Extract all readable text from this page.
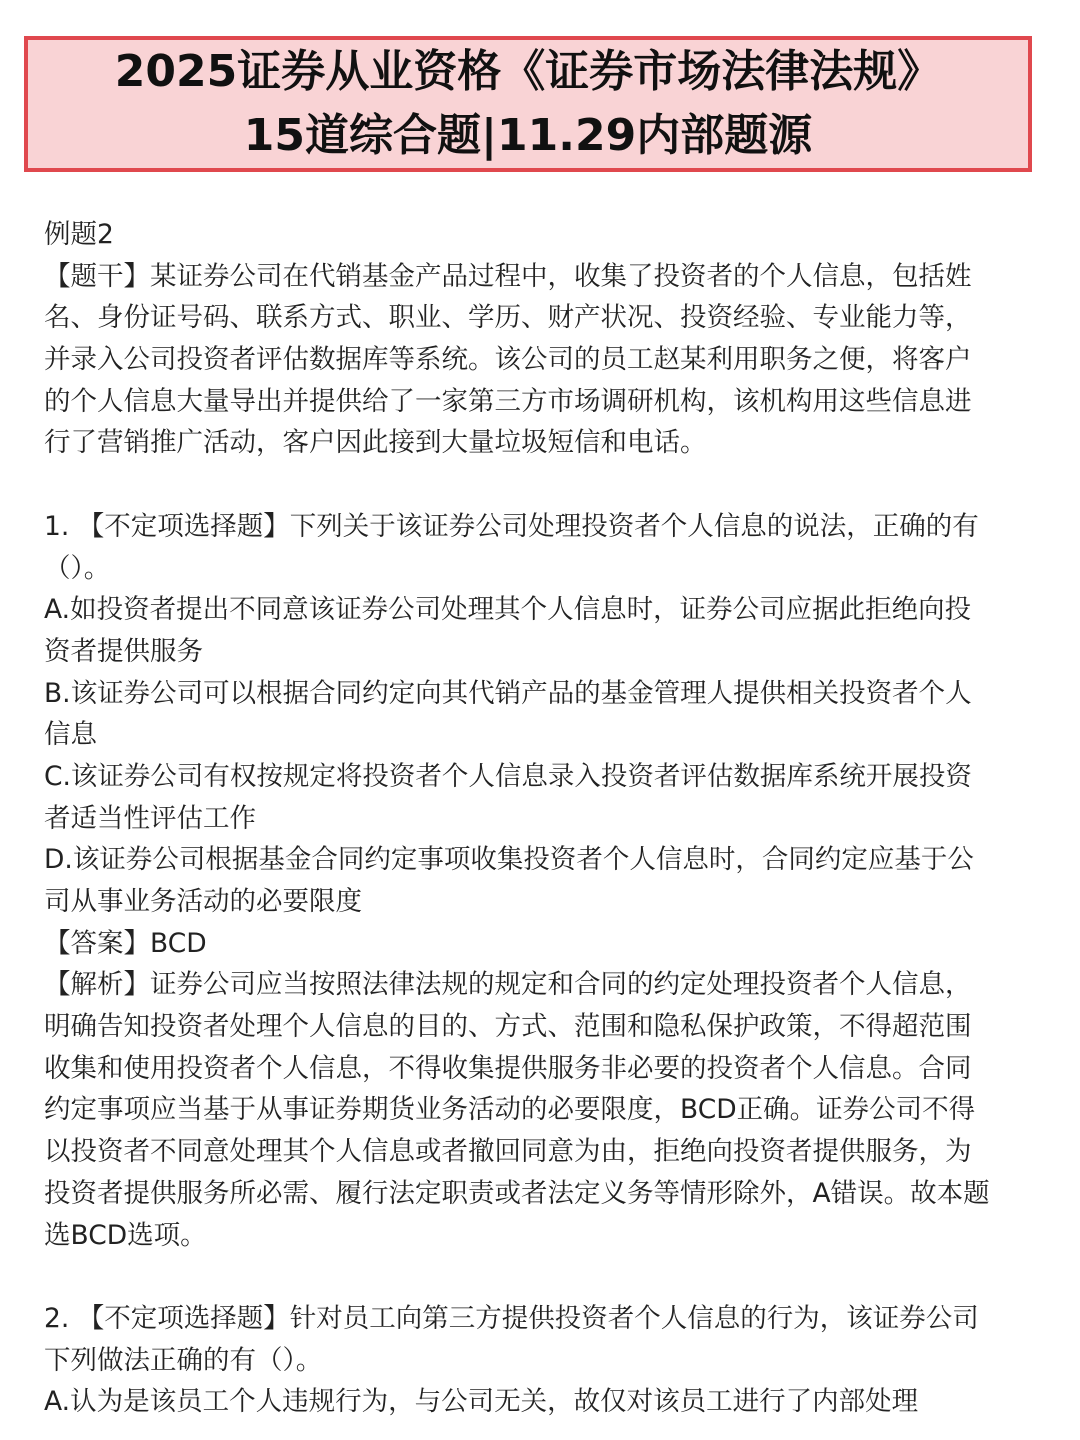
2025证券从业资格《证券市场法律法规》
15道综合题|11.29内部题源
例题2
【题干】某证券公司在代销基金产品过程中，收集了投资者的个人信息，包括姓
名、身份证号码、联系方式、职业、学历、财产状况、投资经验、专业能力等，
并录入公司投资者评估数据库等系统。该公司的员工赵某利用职务之便，将客户
的个人信息大量导出并提供给了一家第三方市场调研机构，该机构用这些信息进
行了营销推广活动，客户因此接到大量垃圾短信和电话。
1. 【不定项选择题】下列关于该证券公司处理投资者个人信息的说法，正确的有
（）。
A.如投资者提出不同意该证券公司处理其个人信息时，证券公司应据此拒绝向投
资者提供服务
B.该证券公司可以根据合同约定向其代销产品的基金管理人提供相关投资者个人
信息
C.该证券公司有权按规定将投资者个人信息录入投资者评估数据库系统开展投资
者适当性评估工作
D.该证券公司根据基金合同约定事项收集投资者个人信息时，合同约定应基于公
司从事业务活动的必要限度
【答案】BCD
【解析】证券公司应当按照法律法规的规定和合同的约定处理投资者个人信息，
明确告知投资者处理个人信息的目的、方式、范围和隐私保护政策，不得超范围
收集和使用投资者个人信息，不得收集提供服务非必要的投资者个人信息。合同
约定事项应当基于从事证券期货业务活动的必要限度，BCD正确。证券公司不得
以投资者不同意处理其个人信息或者撤回同意为由，拒绝向投资者提供服务，为
投资者提供服务所必需、履行法定职责或者法定义务等情形除外，A错误。故本题
选BCD选项。
2. 【不定项选择题】针对员工向第三方提供投资者个人信息的行为，该证券公司
下列做法正确的有（）。
A.认为是该员工个人违规行为，与公司无关，故仅对该员工进行了内部处理
